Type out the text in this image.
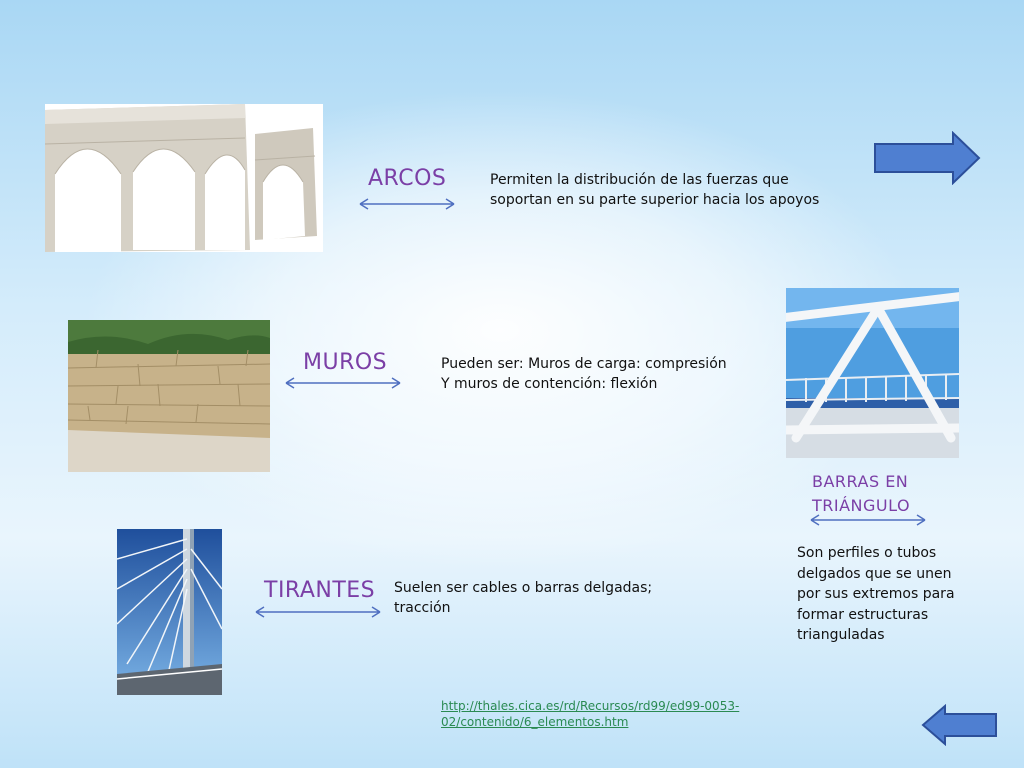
ARCOS	Permiten la distribución de las fuerzas que
soportan en su parte superior hacia los apoyos
MUROS	Pueden ser: Muros de carga: compresión
Y muros de contención: flexión
BARRAS EN
TRIÁNGULO
Son perfiles o tubos delgados que se unen por sus extremos para formar estructuras trianguladas
TIRANTES Suelen ser cables o barras delgadas;
tracción
http://thales.cica.es/rd/Recursos/rd99/ed99-0053-
02/contenido/6_elementos.htm
